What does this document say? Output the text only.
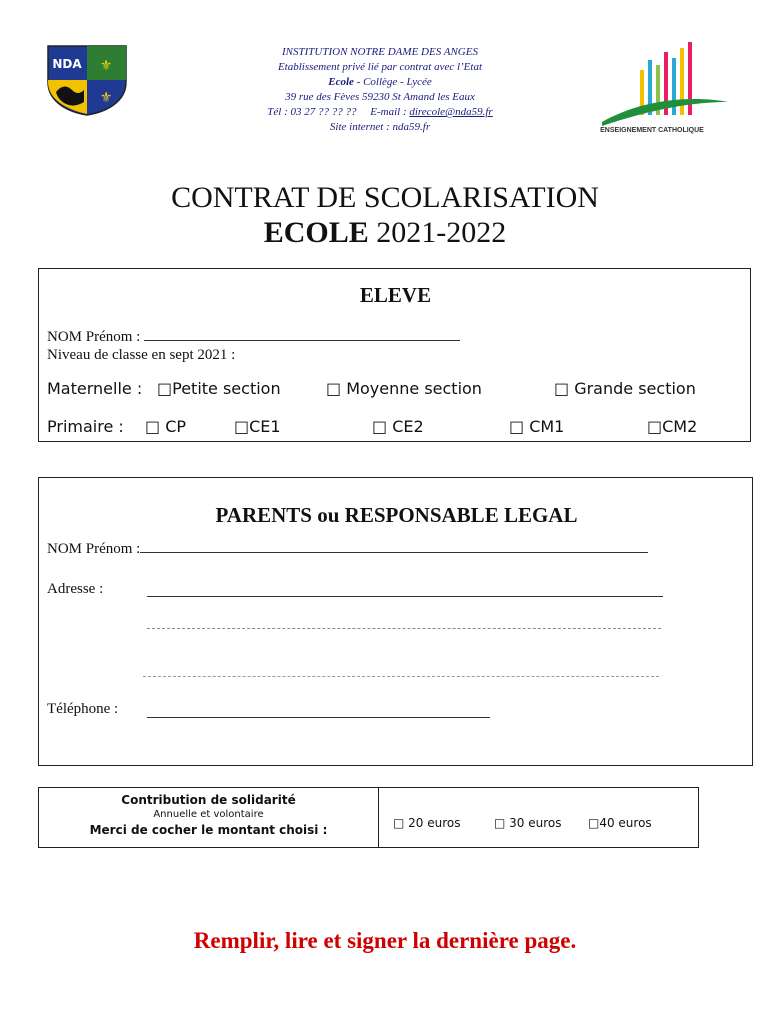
⚜
⚜
NDA
INSTITUTION NOTRE DAME DES ANGES
Etablissement privé lié par contrat avec l’Etat
Ecole - Collège - Lycée
39 rue des Fèves 59230 St Amand les Eaux
Tél : 03 27 ?? ?? ?? E-mail : direcole@nda59.fr
Site internet : nda59.fr	ENSEIGNEMENT CATHOLIQUE
CONTRAT DE SCOLARISATION
ECOLE 2021-2022
ELEVE
NOM Prénom :
Niveau de classe en sept 2021 :
Maternelle : □Petite section	□ Moyenne section	□ Grande section
Primaire : □ CP	□CE1	□ CE2	□ CM1	□CM2
PARENTS ou RESPONSABLE LEGAL
NOM Prénom :
Adresse :
Téléphone :
Contribution de solidarité
Annuelle et volontaire
Merci de cocher le montant choisi :	□ 20 euros	□ 30 euros □40 euros
Remplir, lire et signer la dernière page.
